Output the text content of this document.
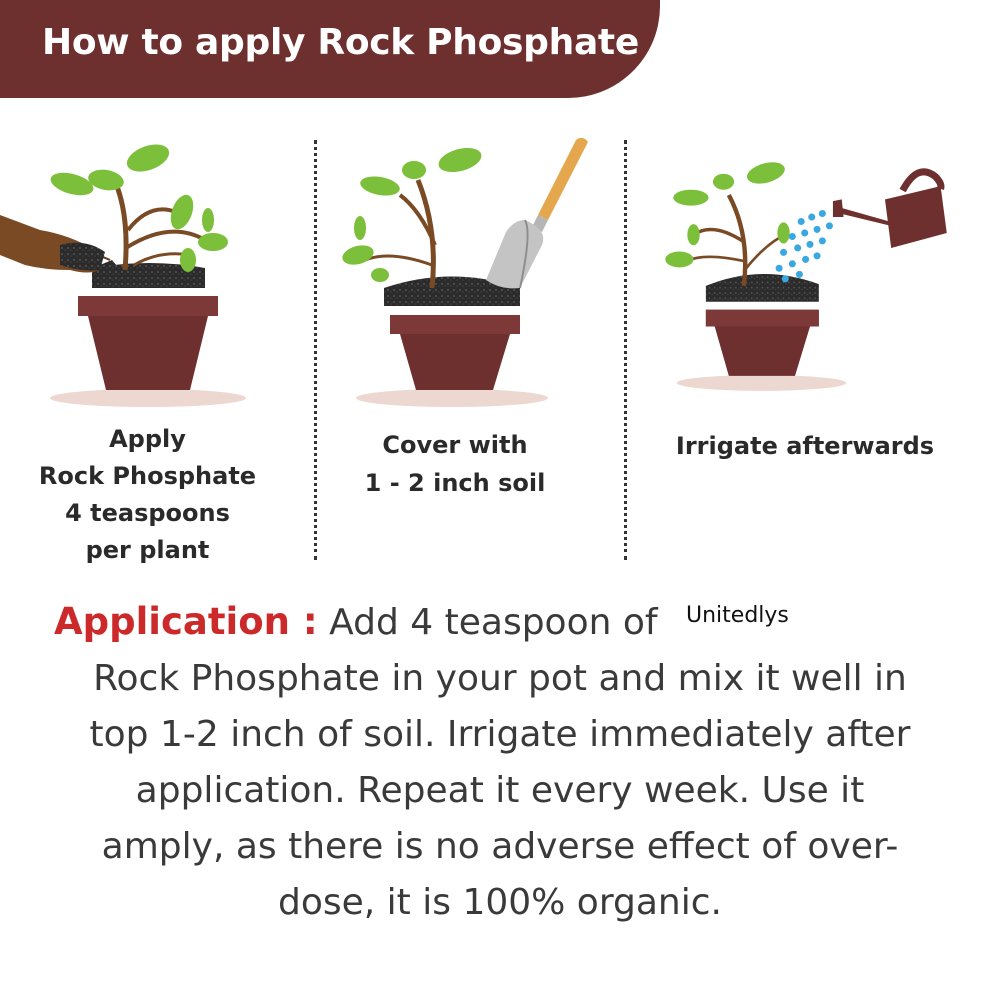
How to apply Rock Phosphate
Apply
Rock Phosphate
4 teaspoons
per plant
Cover with
1 - 2 inch soil
Irrigate afterwards
Unitedlys
Application : Add 4 teaspoon of
Rock Phosphate in your pot and mix it well in
top 1-2 inch of soil. Irrigate immediately after
application. Repeat it every week. Use it
amply, as there is no adverse effect of over-
dose, it is 100% organic.
